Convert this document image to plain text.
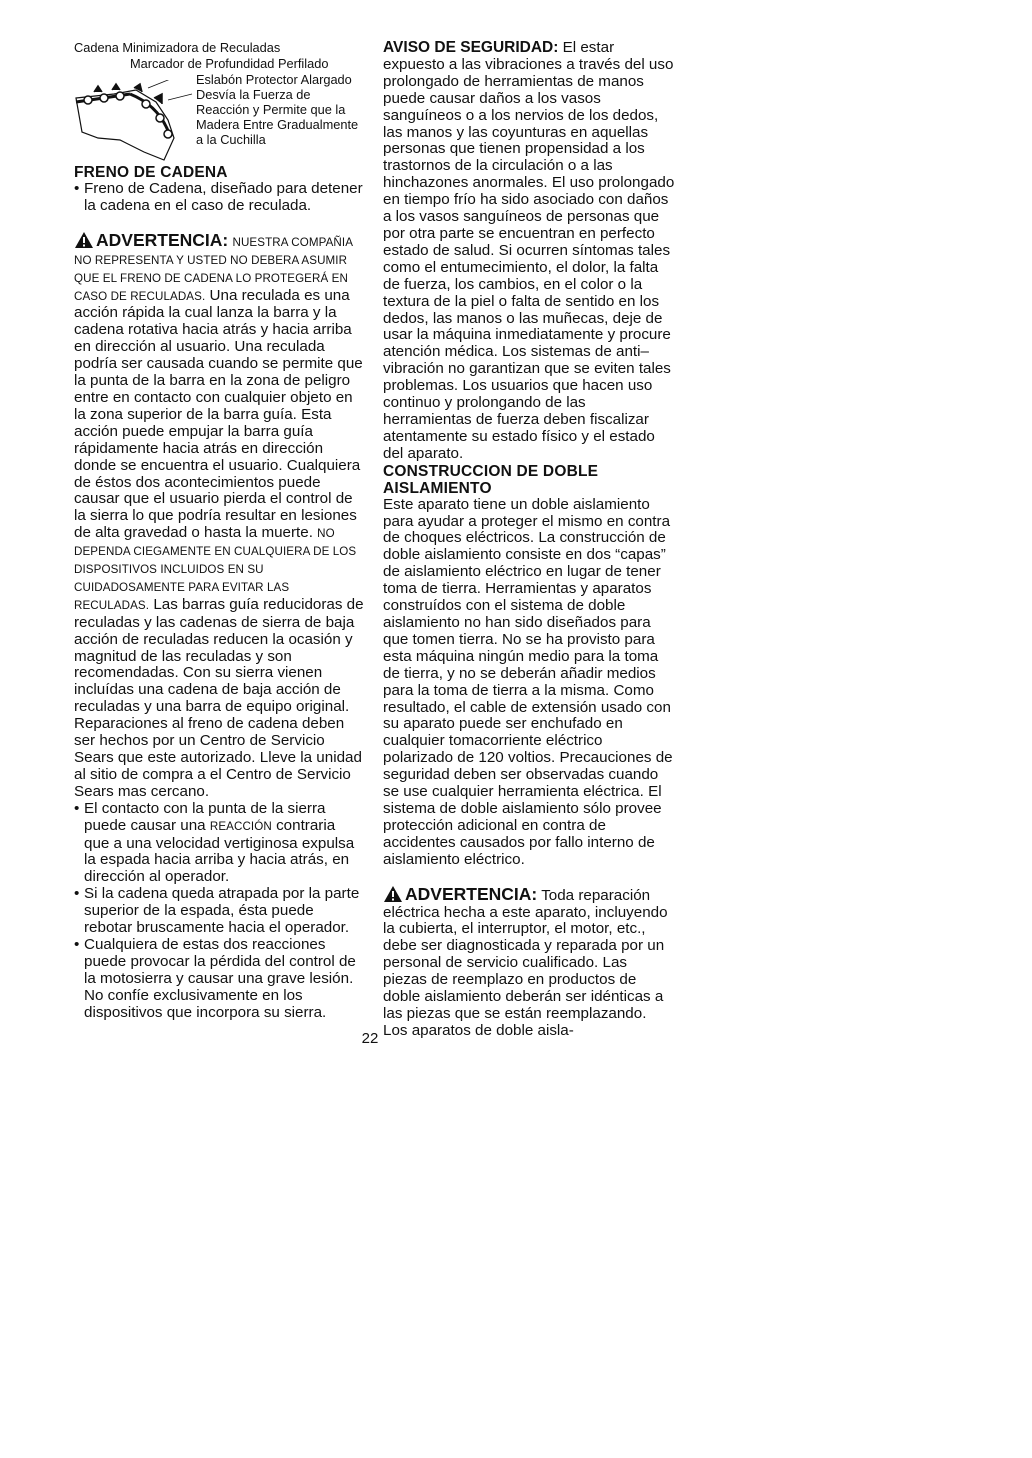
Cadena Minimizadora de Reculadas
Marcador de Profundidad Perfilado
Eslabón Protector Alargado Desvía la Fuerza de Reacción y Permite que la Madera Entre Gradualmente a la Cuchilla
FRENO DE CADENA
• Freno de Cadena, diseñado para detener la cadena en el caso de reculada.
ADVERTENCIA: NUESTRA COMPAÑIA NO REPRESENTA Y USTED NO DEBERA ASUMIR QUE EL FRENO DE CADENA LO PROTEGERÁ EN CASO DE RECULADAS. Una reculada es una acción rápida la cual lanza la barra y la cadena rotativa hacia atrás y hacia arriba en dirección al usuario. Una reculada podría ser causada cuando se permite que la punta de la barra en la zona de peligro entre en contacto con cualquier objeto en la zona superior de la barra guía. Esta acción puede empujar la barra guía rápidamente hacia atrás en dirección donde se encuentra el usuario. Cualquiera de éstos dos acontecimientos puede causar que el usuario pierda el control de la sierra lo que podría resultar en lesiones de alta gravedad o hasta la muerte. NO DEPENDA CIEGAMENTE EN CUALQUIERA DE LOS DISPOSITIVOS INCLUIDOS EN SU CUIDADOSAMENTE PARA EVITAR LAS RECULADAS. Las barras guía reducidoras de reculadas y las cadenas de sierra de baja acción de reculadas reducen la ocasión y magnitud de las reculadas y son recomendadas. Con su sierra vienen incluídas una cadena de baja acción de reculadas y una barra de equipo original. Reparaciones al freno de cadena deben ser hechos por un Centro de Servicio Sears que este autorizado. Lleve la unidad al sitio de compra a el Centro de Servicio Sears mas cercano.
• El contacto con la punta de la sierra puede causar una REACCIÓN contraria que a una velocidad vertiginosa expulsa la espada hacia arriba y hacia atrás, en dirección al operador.
• Si la cadena queda atrapada por la parte superior de la espada, ésta puede rebotar bruscamente hacia el operador.
• Cualquiera de estas dos reacciones puede provocar la pérdida del control de la motosierra y causar una grave lesión. No confíe exclusivamente en los dispositivos que incorpora su sierra.

AVISO DE SEGURIDAD: El estar expuesto a las vibraciones a través del uso prolongado de herramientas de manos puede causar daños a los vasos sanguíneos o a los nervios de los dedos, las manos y las coyunturas en aquellas personas que tienen propensidad a los trastornos de la circulación o a las hinchazones anormales. El uso prolongado en tiempo frío ha sido asociado con daños a los vasos sanguíneos de personas que por otra parte se encuentran en perfecto estado de salud. Si ocurren síntomas tales como el entumecimiento, el dolor, la falta de fuerza, los cambios, en el color o la textura de la piel o falta de sentido en los dedos, las manos o las muñecas, deje de usar la máquina inmediatamente y procure atención médica. Los sistemas de anti–vibración no garantizan que se eviten tales problemas. Los usuarios que hacen uso continuo y prolongando de las herramientas de fuerza deben fiscalizar atentamente su estado físico y el estado del aparato.

CONSTRUCCION DE DOBLE AISLAMIENTO

Este aparato tiene un doble aislamiento para ayudar a proteger el mismo en contra de choques eléctricos. La construcción de doble aislamiento consiste en dos “capas” de aislamiento eléctrico en lugar de tener toma de tierra. Herramientas y aparatos construídos con el sistema de doble aislamiento no han sido diseñados para que tomen tierra. No se ha provisto para esta máquina ningún medio para la toma de tierra, y no se deberán añadir medios para la toma de tierra a la misma. Como resultado, el cable de extensión usado con su aparato puede ser enchufado en cualquier tomacorriente eléctrico polarizado de 120 voltios. Precauciones de seguridad deben ser observadas cuando se use cualquier herramienta eléctrica. El sistema de doble aislamiento sólo provee protección adicional en contra de accidentes causados por fallo interno de aislamiento eléctrico.

ADVERTENCIA: Toda reparación eléctrica hecha a este aparato, incluyendo la cubierta, el interruptor, el motor, etc., debe ser diagnosticada y reparada por un personal de servicio cualificado. Las piezas de reemplazo en productos de doble aislamiento deberán ser idénticas a las piezas que se están reemplazando. Los aparatos de doble aisla-
22
